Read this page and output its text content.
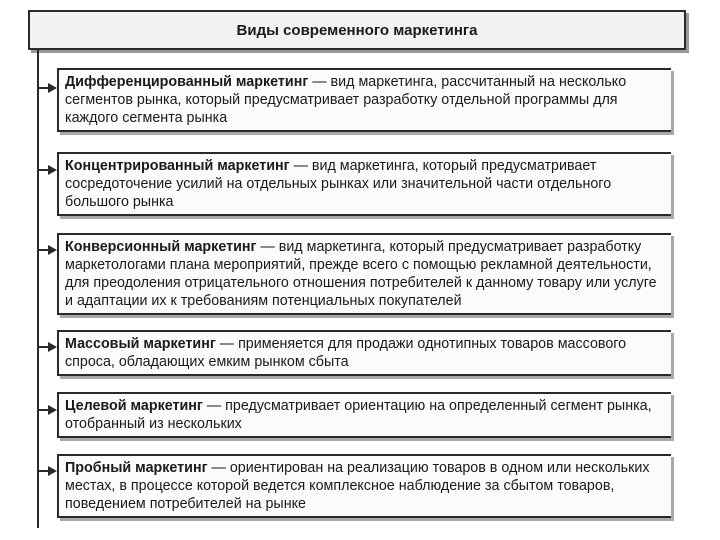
Виды современного маркетинга
Дифференцированный маркетинг — вид маркетинга, рассчитанный на несколько сегментов рынка, который предусматривает разработку отдельной программы для каждого сегмента рынка
Концентрированный маркетинг — вид маркетинга, который предусматривает сосредоточение усилий на отдельных рынках или значительной части отдельного большого рынка
Конверсионный маркетинг — вид маркетинга, который предусматривает разработку маркетологами плана мероприятий, прежде всего с помощью рекламной деятельности, для преодоления отрицательного отношения потребителей к данному товару или услуге и адаптации их к требованиям потенциальных покупателей
Массовый маркетинг — применяется для продажи однотипных товаров массового спроса, обладающих емким рынком сбыта
Целевой маркетинг — предусматривает ориентацию на определенный сегмент рынка, отобранный из нескольких
Пробный маркетинг — ориентирован на реализацию товаров в одном или нескольких местах, в процессе которой ведется комплексное наблюдение за сбытом товаров, поведением потребителей на рынке
